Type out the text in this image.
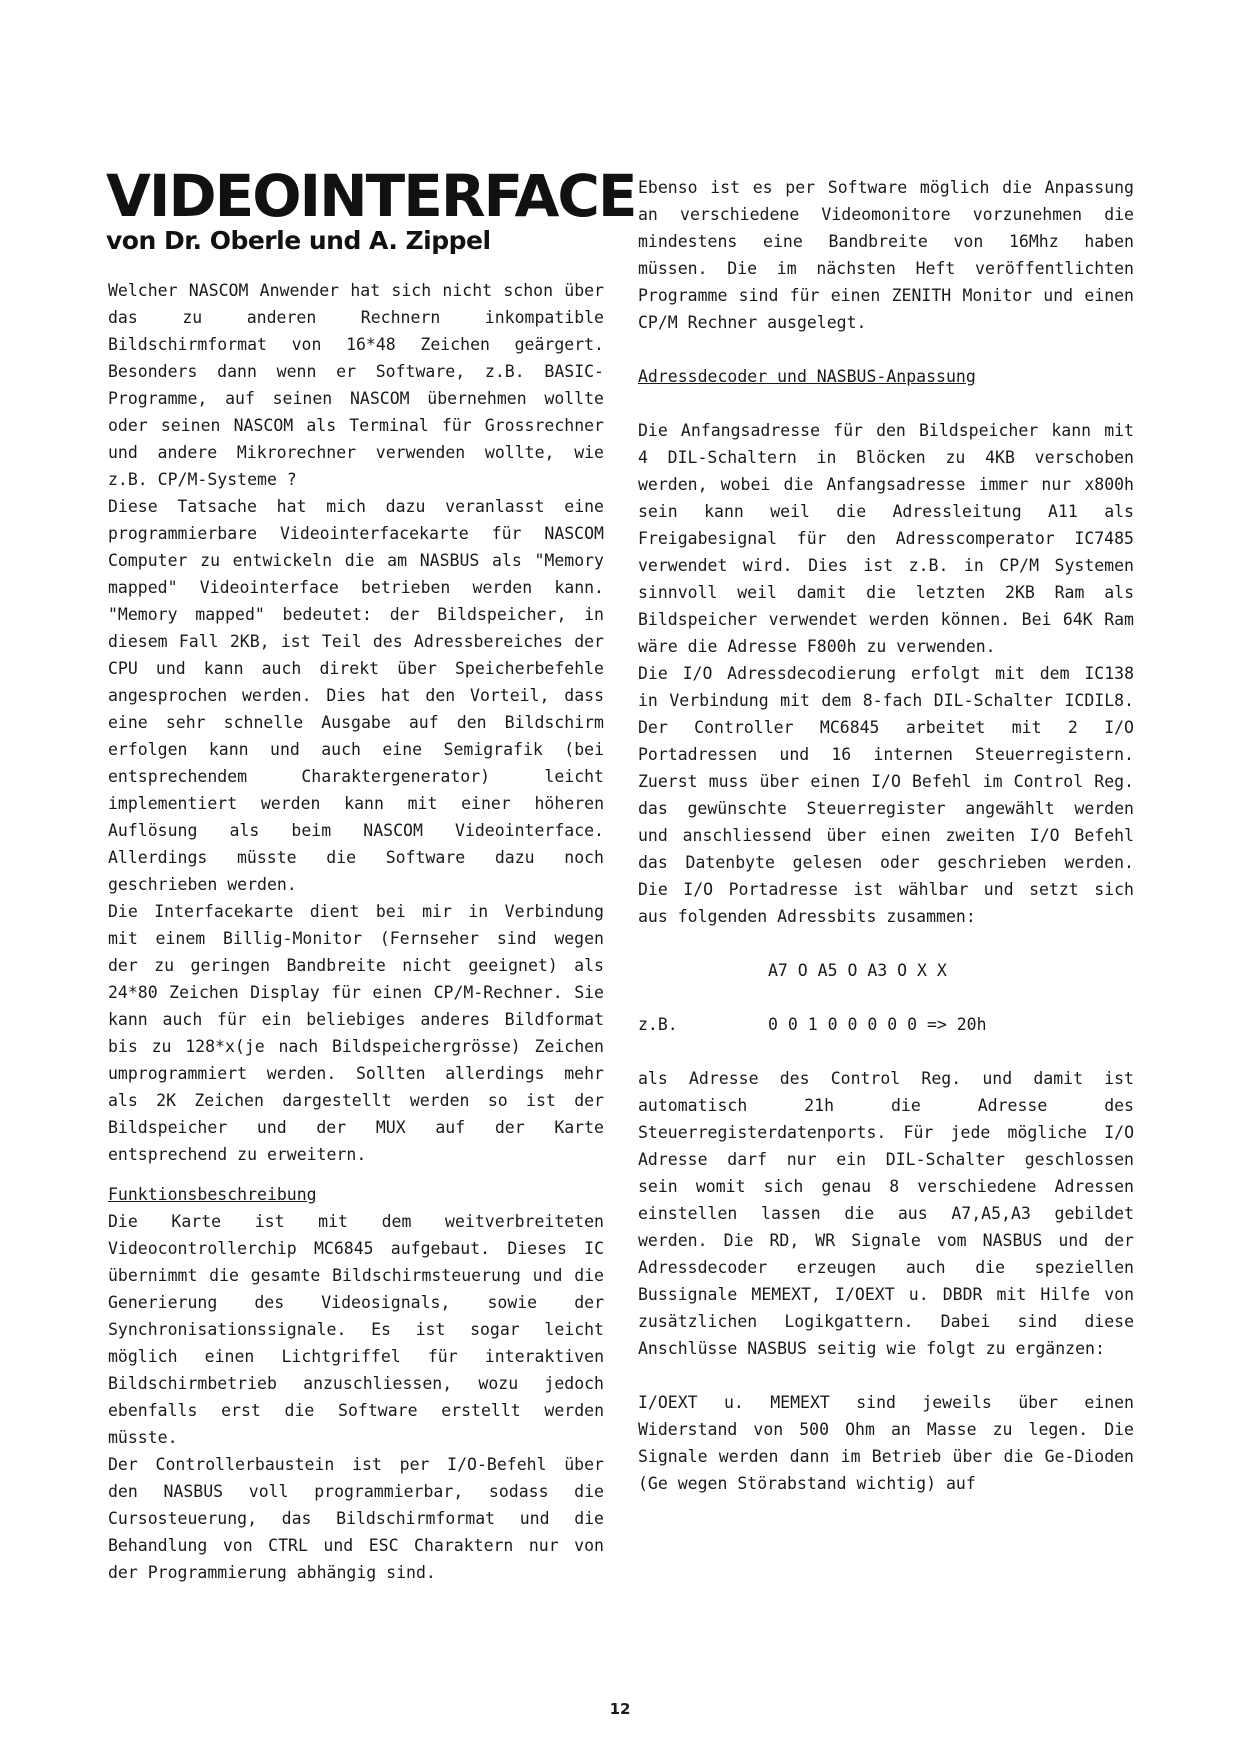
VIDEOINTERFACE
von Dr. Oberle und A. Zippel

Welcher NASCOM Anwender hat sich nicht schon über das zu anderen Rechnern inkompatible Bildschirmformat von 16*48 Zeichen geärgert. Besonders dann wenn er Software, z.B. BASIC-Programme, auf seinen NASCOM übernehmen wollte oder seinen NASCOM als Terminal für Grossrechner und andere Mikrorechner verwenden wollte, wie z.B. CP/M-Systeme ?

Diese Tatsache hat mich dazu veranlasst eine programmierbare Videointerfacekarte für NASCOM Computer zu entwickeln die am NASBUS als "Memory mapped" Videointerface betrieben werden kann. "Memory mapped" bedeutet: der Bildspeicher, in diesem Fall 2KB, ist Teil des Adressbereiches der CPU und kann auch direkt über Speicherbefehle angesprochen werden. Dies hat den Vorteil, dass eine sehr schnelle Ausgabe auf den Bildschirm erfolgen kann und auch eine Semigrafik (bei entsprechendem Charaktergenerator) leicht implementiert werden kann mit einer höheren Auflösung als beim NASCOM Videointerface. Allerdings müsste die Software dazu noch geschrieben werden.

Die Interfacekarte dient bei mir in Verbindung mit einem Billig-Monitor (Fernseher sind wegen der zu geringen Bandbreite nicht geeignet) als 24*80 Zeichen Display für einen CP/M-Rechner. Sie kann auch für ein beliebiges anderes Bildformat bis zu 128*x(je nach Bildspeichergrösse) Zeichen umprogrammiert werden. Sollten allerdings mehr als 2K Zeichen dargestellt werden so ist der Bildspeicher und der MUX auf der Karte entsprechend zu erweitern.

Funktionsbeschreibung

Die Karte ist mit dem weitverbreiteten Videocontrollerchip MC6845 aufgebaut. Dieses IC übernimmt die gesamte Bildschirmsteuerung und die Generierung des Videosignals, sowie der Synchronisationssignale. Es ist sogar leicht möglich einen Lichtgriffel für interaktiven Bildschirmbetrieb anzuschliessen, wozu jedoch ebenfalls erst die Software erstellt werden müsste.

Der Controllerbaustein ist per I/O-Befehl über den NASBUS voll programmierbar, sodass die Cursosteuerung, das Bildschirmformat und die Behandlung von CTRL und ESC Charaktern nur von der Programmierung abhängig sind.

Ebenso ist es per Software möglich die Anpassung an verschiedene Videomonitore vorzunehmen die mindestens eine Bandbreite von 16Mhz haben müssen. Die im nächsten Heft veröffentlichten Programme sind für einen ZENITH Monitor und einen CP/M Rechner ausgelegt.

Adressdecoder und NASBUS-Anpassung

Die Anfangsadresse für den Bildspeicher kann mit 4 DIL-Schaltern in Blöcken zu 4KB verschoben werden, wobei die Anfangsadresse immer nur x800h sein kann weil die Adressleitung A11 als Freigabesignal für den Adresscomperator IC7485 verwendet wird. Dies ist z.B. in CP/M Systemen sinnvoll weil damit die letzten 2KB Ram als Bildspeicher verwendet werden können. Bei 64K Ram wäre die Adresse F800h zu verwenden.

Die I/O Adressdecodierung erfolgt mit dem IC138 in Verbindung mit dem 8-fach DIL-Schalter ICDIL8. Der Controller MC6845 arbeitet mit 2 I/O Portadressen und 16 internen Steuerregistern. Zuerst muss über einen I/O Befehl im Control Reg. das gewünschte Steuerregister angewählt werden und anschliessend über einen zweiten I/O Befehl das Datenbyte gelesen oder geschrieben werden. Die I/O Portadresse ist wählbar und setzt sich aus folgenden Adressbits zusammen:

A7 O A5 O A3 O X X

z.B.	0 0 1 0 0 0 0 0 => 20h

als Adresse des Control Reg. und damit ist automatisch 21h die Adresse des Steuerregisterdatenports. Für jede mögliche I/O Adresse darf nur ein DIL-Schalter geschlossen sein womit sich genau 8 verschiedene Adressen einstellen lassen die aus A7,A5,A3 gebildet werden. Die RD, WR Signale vom NASBUS und der Adressdecoder erzeugen auch die speziellen Bussignale MEMEXT, I/OEXT u. DBDR mit Hilfe von zusätzlichen Logikgattern. Dabei sind diese Anschlüsse NASBUS seitig wie folgt zu ergänzen:

I/OEXT u. MEMEXT sind jeweils über einen Widerstand von 500 Ohm an Masse zu legen. Die Signale werden dann im Betrieb über die Ge-Dioden (Ge wegen Störabstand wichtig) auf

12
